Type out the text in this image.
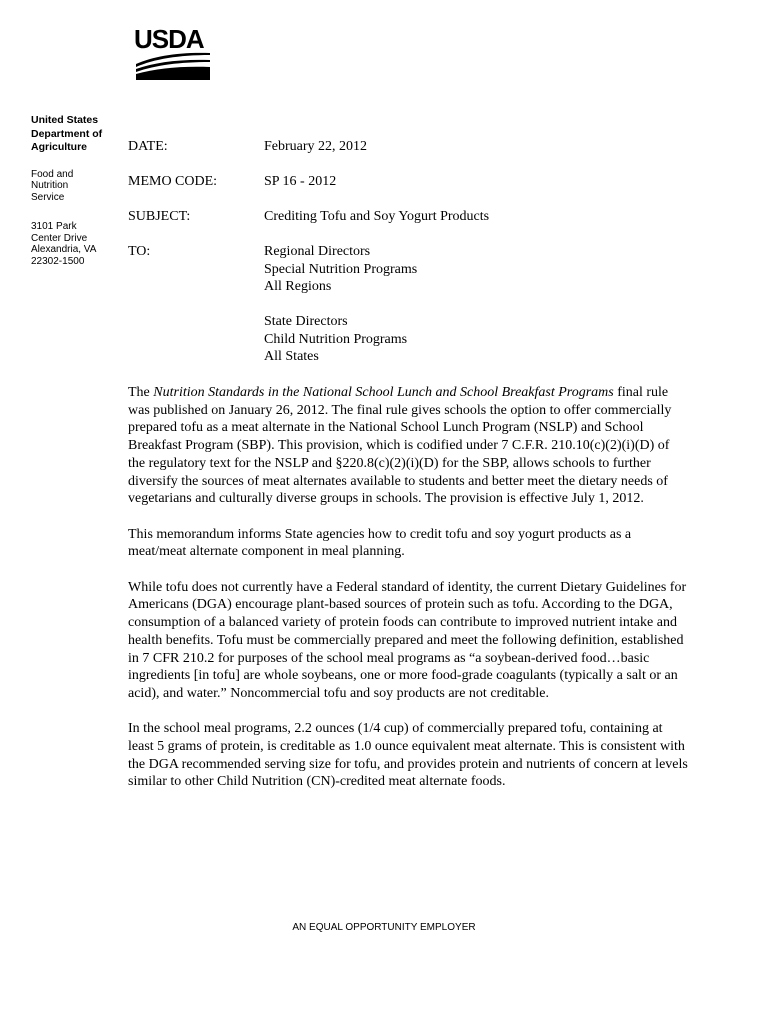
USDA
United States
Department of
Agriculture
Food and
Nutrition
Service
3101 Park
Center Drive
Alexandria, VA
22302-1500
DATE:	February 22, 2012
MEMO CODE:	SP 16 - 2012
SUBJECT:	Crediting Tofu and Soy Yogurt Products
TO:	Regional Directors
Special Nutrition Programs
All Regions
State Directors
Child Nutrition Programs
All States

The Nutrition Standards in the National School Lunch and School Breakfast Programs final rule was published on January 26, 2012. The final rule gives schools the option to offer commercially prepared tofu as a meat alternate in the National School Lunch Program (NSLP) and School Breakfast Program (SBP). This provision, which is codified under 7 C.F.R. 210.10(c)(2)(i)(D) of the regulatory text for the NSLP and §220.8(c)(2)(i)(D) for the SBP, allows schools to further diversify the sources of meat alternates available to students and better meet the dietary needs of vegetarians and culturally diverse groups in schools. The provision is effective July 1, 2012.

This memorandum informs State agencies how to credit tofu and soy yogurt products as a meat/meat alternate component in meal planning.

While tofu does not currently have a Federal standard of identity, the current Dietary Guidelines for Americans (DGA) encourage plant-based sources of protein such as tofu. According to the DGA, consumption of a balanced variety of protein foods can contribute to improved nutrient intake and health benefits. Tofu must be commercially prepared and meet the following definition, established in 7 CFR 210.2 for purposes of the school meal programs as “a soybean-derived food…basic ingredients [in tofu] are whole soybeans, one or more food-grade coagulants (typically a salt or an acid), and water.” Noncommercial tofu and soy products are not creditable.

In the school meal programs, 2.2 ounces (1/4 cup) of commercially prepared tofu, containing at least 5 grams of protein, is creditable as 1.0 ounce equivalent meat alternate. This is consistent with the DGA recommended serving size for tofu, and provides protein and nutrients of concern at levels similar to other Child Nutrition (CN)-credited meat alternate foods.

AN EQUAL OPPORTUNITY EMPLOYER
